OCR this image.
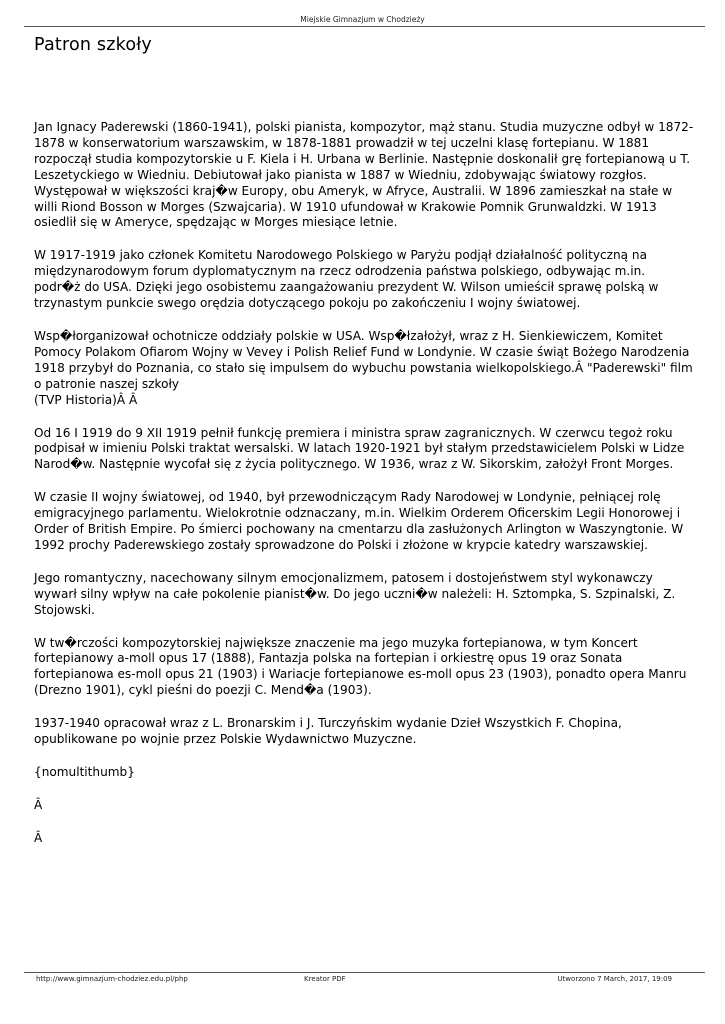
Miejskie Gimnazjum w Chodzieży
Patron szkoły

Jan Ignacy Paderewski (1860-1941), polski pianista, kompozytor, mąż stanu. Studia muzyczne odbył w 1872-1878 w konserwatorium warszawskim, w 1878-1881 prowadził w tej uczelni klasę fortepianu. W 1881 rozpoczął studia kompozytorskie u F. Kiela i H. Urbana w Berlinie. Następnie doskonalił grę fortepianową u T. Leszetyckiego w Wiedniu. Debiutował jako pianista w 1887 w Wiedniu, zdobywając światowy rozgłos.
Występował w większości kraj�w Europy, obu Ameryk, w Afryce, Australii. W 1896 zamieszkał na stałe w willi Riond Bosson w Morges (Szwajcaria). W 1910 ufundował w Krakowie Pomnik Grunwaldzki. W 1913 osiedlił się w Ameryce, spędzając w Morges miesiące letnie.

W 1917-1919 jako członek Komitetu Narodowego Polskiego w Paryżu podjął działalność polityczną na międzynarodowym forum dyplomatycznym na rzecz odrodzenia państwa polskiego, odbywając m.in. podr�ż do USA. Dzięki jego osobistemu zaangażowaniu prezydent W. Wilson umieścił sprawę polską w trzynastym punkcie swego orędzia dotyczącego pokoju po zakończeniu I wojny światowej.

Wsp�łorganizował ochotnicze oddziały polskie w USA. Wsp�łzałożył, wraz z H. Sienkiewiczem, Komitet Pomocy Polakom Ofiarom Wojny w Vevey i Polish Relief Fund w Londynie. W czasie świąt Bożego Narodzenia 1918 przybył do Poznania, co stało się impulsem do wybuchu powstania wielkopolskiego.Â "Paderewski" film o patronie naszej szkoły
(TVP Historia)Â Â

Od 16 I 1919 do 9 XII 1919 pełnił funkcję premiera i ministra spraw zagranicznych. W czerwcu tegoż roku podpisał w imieniu Polski traktat wersalski. W latach 1920-1921 był stałym przedstawicielem Polski w Lidze Narod�w. Następnie wycofał się z życia politycznego. W 1936, wraz z W. Sikorskim, założył Front Morges.

W czasie II wojny światowej, od 1940, był przewodniczącym Rady Narodowej w Londynie, pełniącej rolę emigracyjnego parlamentu. Wielokrotnie odznaczany, m.in. Wielkim Orderem Oficerskim Legii Honorowej i Order of British Empire. Po śmierci pochowany na cmentarzu dla zasłużonych Arlington w Waszyngtonie. W 1992 prochy Paderewskiego zostały sprowadzone do Polski i złożone w krypcie katedry warszawskiej.

Jego romantyczny, nacechowany silnym emocjonalizmem, patosem i dostojeństwem styl wykonawczy wywarł silny wpływ na całe pokolenie pianist�w. Do jego uczni�w należeli: H. Sztompka, S. Szpinalski, Z. Stojowski.

W tw�rczości kompozytorskiej największe znaczenie ma jego muzyka fortepianowa, w tym Koncert fortepianowy a-moll opus 17 (1888), Fantazja polska na fortepian i orkiestrę opus 19 oraz Sonata fortepianowa es-moll opus 21 (1903) i Wariacje fortepianowe es-moll opus 23 (1903), ponadto opera Manru (Drezno 1901), cykl pieśni do poezji C. Mend�a (1903).

1937-1940 opracował wraz z L. Bronarskim i J. Turczyńskim wydanie Dzieł Wszystkich F. Chopina, opublikowane po wojnie przez Polskie Wydawnictwo Muzyczne.

{nomultithumb}

Â

Â

http://www.gimnazjum-chodziez.edu.pl/php	Kreator PDF	Utworzono 7 March, 2017, 19:09
